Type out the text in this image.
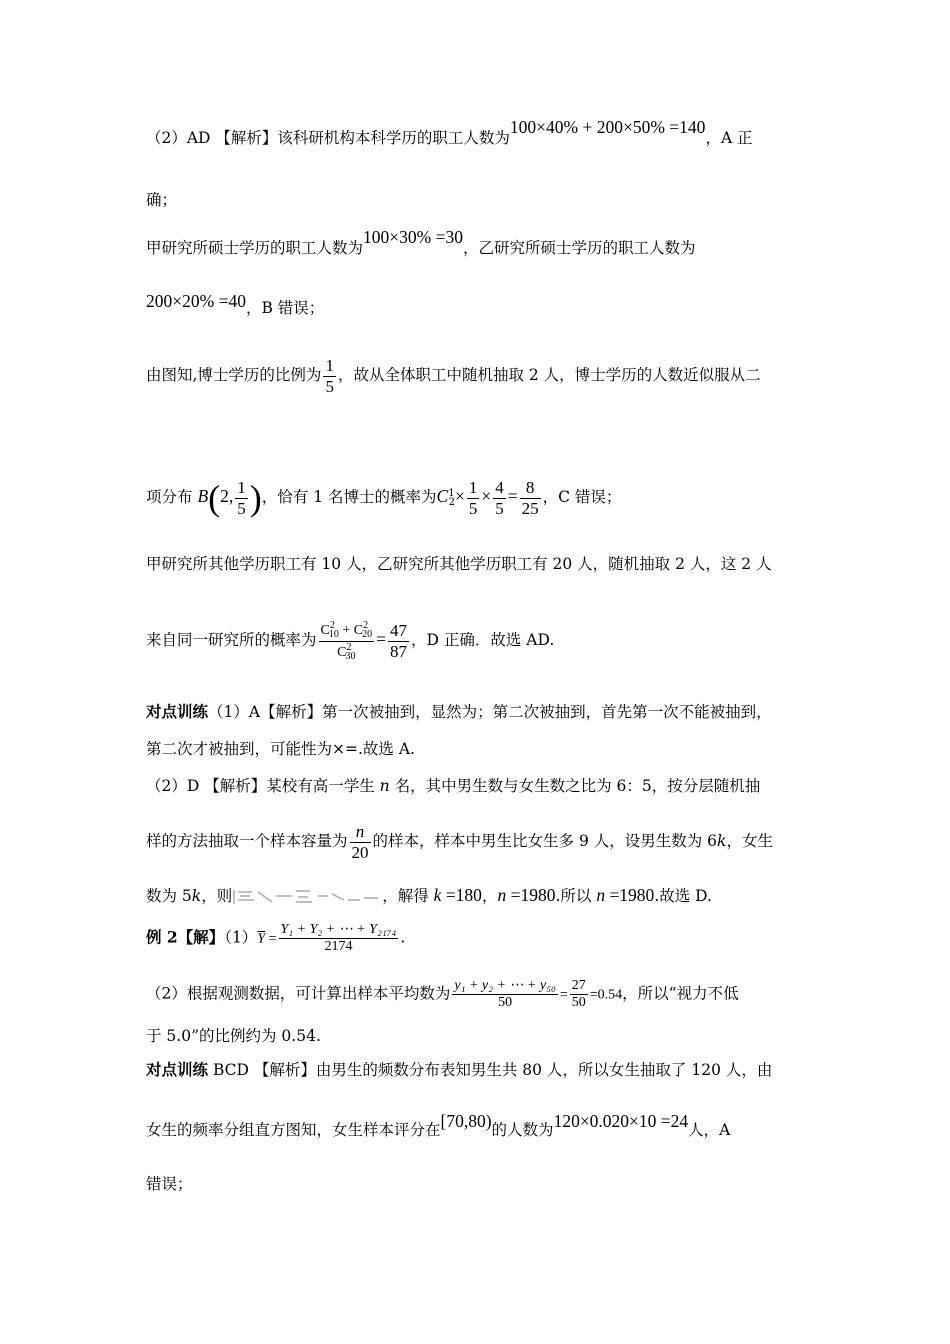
（2）AD 【解析】该科研机构本科学历的职工人数为100×40% + 200×50% =140，A 正
确；
甲研究所硕士学历的职工人数为100×30% =30，乙研究所硕士学历的职工人数为
200×20% =40，B 错误；
由图知,博士学历的比例为 $\frac{1}{5}$ ，故从全体职工中随机抽取 2 人，博士学历的人数近似服从二
项分布 B(2, $\frac{1}{5}$ )，恰有 1 名博士的概率为$C^1_2\times \frac{1}{5} \times \frac{4}{5} = \frac{8}{25}$ ，C 错误；
甲研究所其他学历职工有 10 人，乙研究所其他学历职工有 20 人，随机抽取 2 人，这 2 人
来自同一研究所的概率为 $\frac{C^2_{10} + C^2_{20}}{C^2_{30}} = \frac{47}{87}$ ，D 正确．故选 AD.
对点训练（1）A【解析】第一次被抽到，显然为；第二次被抽到，首先第一次不能被抽到，
第二次才被抽到，可能性为×=.故选 A.
（2）D 【解析】某校有高一学生 n 名，其中男生数与女生数之比为 6：5，按分层随机抽
样的方法抽取一个样本容量为 $\frac{n}{20}$ 的样本，样本中男生比女生多 9 人，设男生数为 6k，女生
数为 5k，则	，解得 k =180，n =1980.所以 n =1980.故选 D.
例 2【解】$(1)\overline{Y} = \frac{\text{Y₁ + Y₂ + ⋯ + Y₂₁₇₄}}{2174}$ .
（2）根据观测数据，可计算出样本平均数为 $\frac{\text{y₁ + y₂ + ⋯ + y₅₀}}{50} = \frac{27}{50} =0.54$，所以“视力不低
于 5.0”的比例约为 0.54.
对点训练 BCD 【解析】由男生的频数分布表知男生共 80 人，所以女生抽取了 120 人，由
女生的频率分组直方图知，女生样本评分在[70,80)的人数为120×0.020×10 =24人，A
错误；
